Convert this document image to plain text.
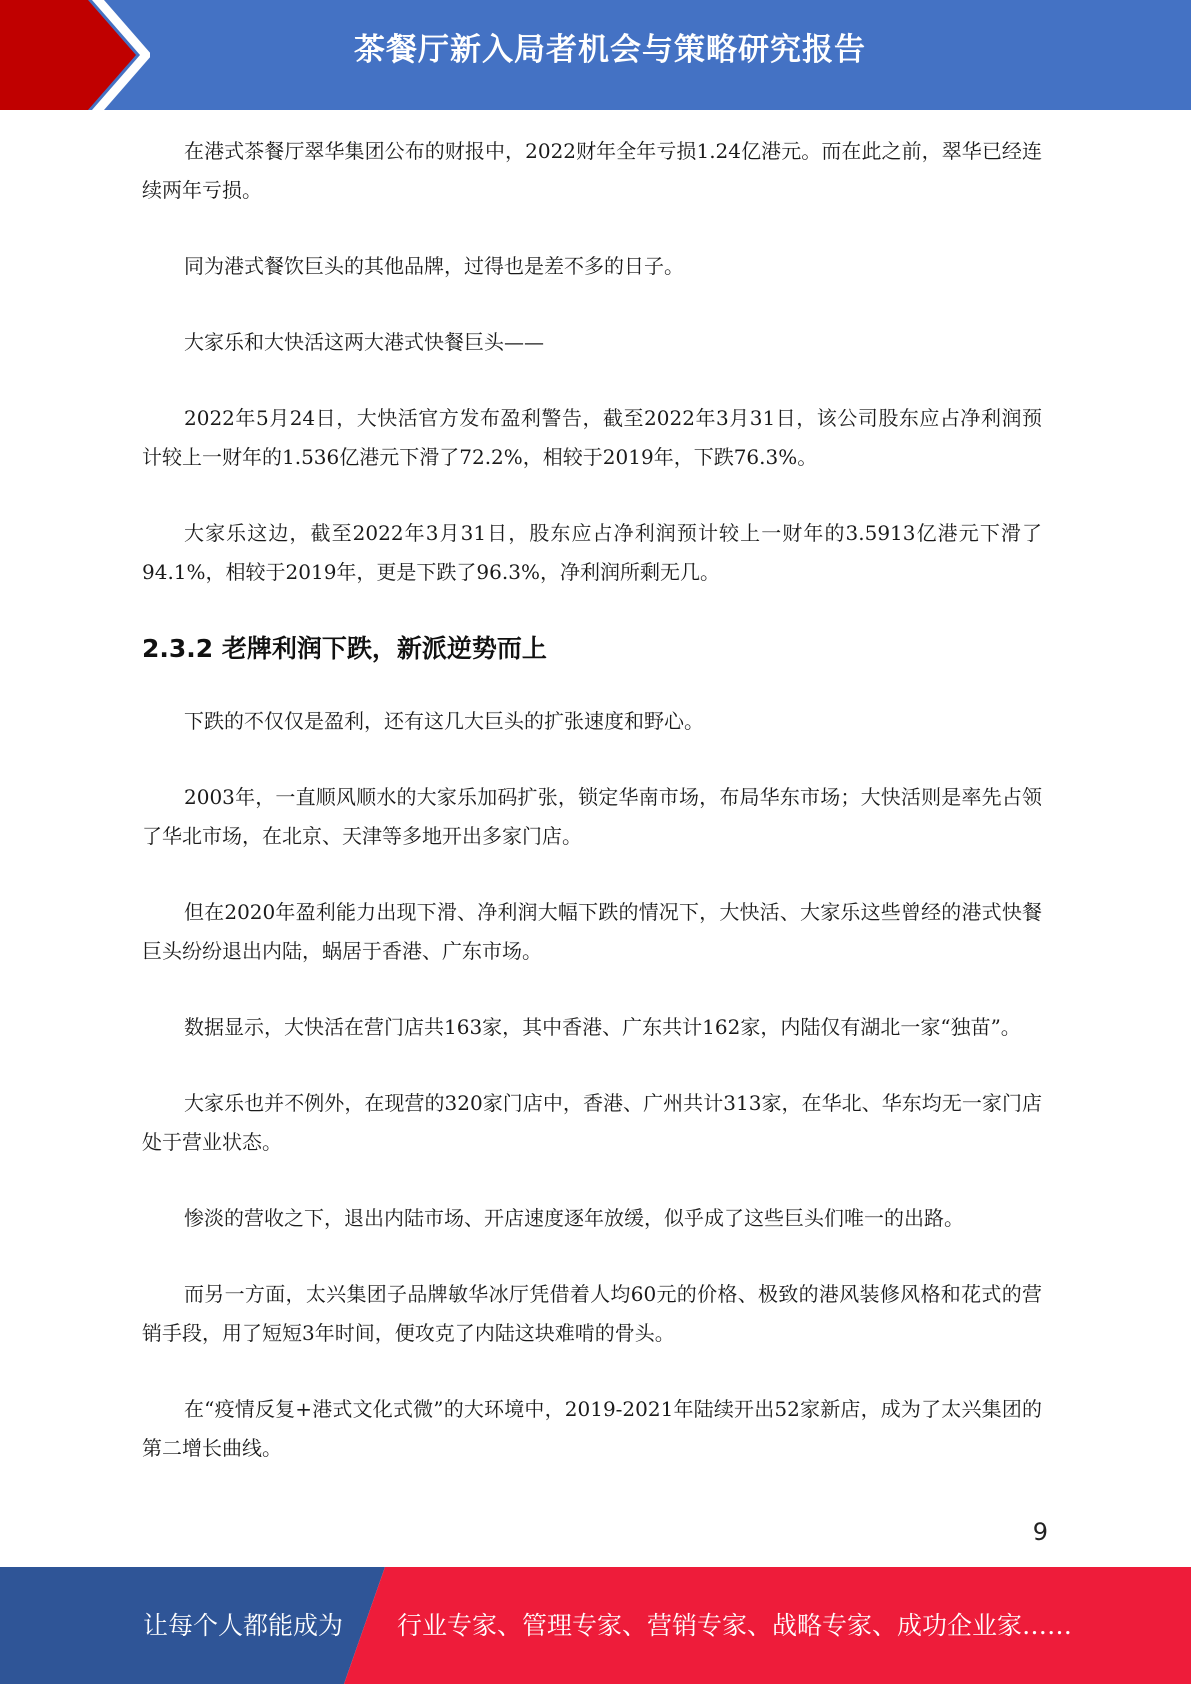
茶餐厅新入局者机会与策略研究报告

在港式茶餐厅翠华集团公布的财报中，2022财年全年亏损1.24亿港元。而在此之前，翠华已经连续两年亏损。

同为港式餐饮巨头的其他品牌，过得也是差不多的日子。

大家乐和大快活这两大港式快餐巨头——

2022年5月24日，大快活官方发布盈利警告，截至2022年3月31日，该公司股东应占净利润预计较上一财年的1.536亿港元下滑了72.2%，相较于2019年，下跌76.3%。

大家乐这边，截至2022年3月31日，股东应占净利润预计较上一财年的3.5913亿港元下滑了94.1%，相较于2019年，更是下跌了96.3%，净利润所剩无几。

2.3.2 老牌利润下跌，新派逆势而上

下跌的不仅仅是盈利，还有这几大巨头的扩张速度和野心。

2003年，一直顺风顺水的大家乐加码扩张，锁定华南市场，布局华东市场；大快活则是率先占领了华北市场，在北京、天津等多地开出多家门店。

但在2020年盈利能力出现下滑、净利润大幅下跌的情况下，大快活、大家乐这些曾经的港式快餐巨头纷纷退出内陆，蜗居于香港、广东市场。

数据显示，大快活在营门店共163家，其中香港、广东共计162家，内陆仅有湖北一家“独苗”。

大家乐也并不例外，在现营的320家门店中，香港、广州共计313家，在华北、华东均无一家门店处于营业状态。

惨淡的营收之下，退出内陆市场、开店速度逐年放缓，似乎成了这些巨头们唯一的出路。

而另一方面，太兴集团子品牌敏华冰厅凭借着人均60元的价格、极致的港风装修风格和花式的营销手段，用了短短3年时间，便攻克了内陆这块难啃的骨头。

在“疫情反复+港式文化式微”的大环境中，2019-2021年陆续开出52家新店，成为了太兴集团的第二增长曲线。

9
让每个人都能成为 行业专家、管理专家、营销专家、战略专家、成功企业家……
